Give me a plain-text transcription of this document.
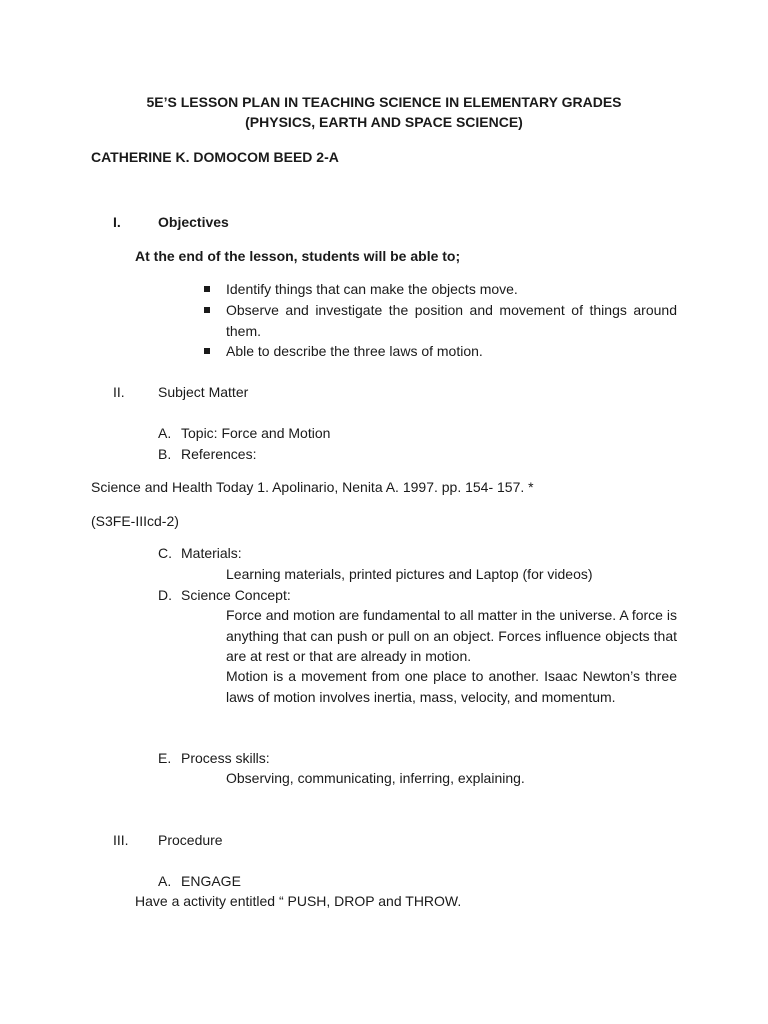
5E’S LESSON PLAN IN TEACHING SCIENCE IN ELEMENTARY GRADES
(PHYSICS, EARTH AND SPACE SCIENCE)
CATHERINE K. DOMOCOM BEED 2-A
I.	Objectives
At the end of the lesson, students will be able to;
Identify things that can make the objects move.
Observe and investigate the position and movement of things around them.
Able to describe the three laws of motion.
II. Subject Matter
A. Topic: Force and Motion
B. References:
Science and Health Today 1. Apolinario, Nenita A. 1997. pp. 154- 157. *
(S3FE-IIIcd-2)
C. Materials:
Learning materials, printed pictures and Laptop (for videos)
D. Science Concept:
Force and motion are fundamental to all matter in the universe. A force is anything that can push or pull on an object. Forces influence objects that are at rest or that are already in motion.
Motion is a movement from one place to another. Isaac Newton’s three laws of motion involves inertia, mass, velocity, and momentum.
E. Process skills:
Observing, communicating, inferring, explaining.
III. Procedure
A. ENGAGE
Have a activity entitled “ PUSH, DROP and THROW.
